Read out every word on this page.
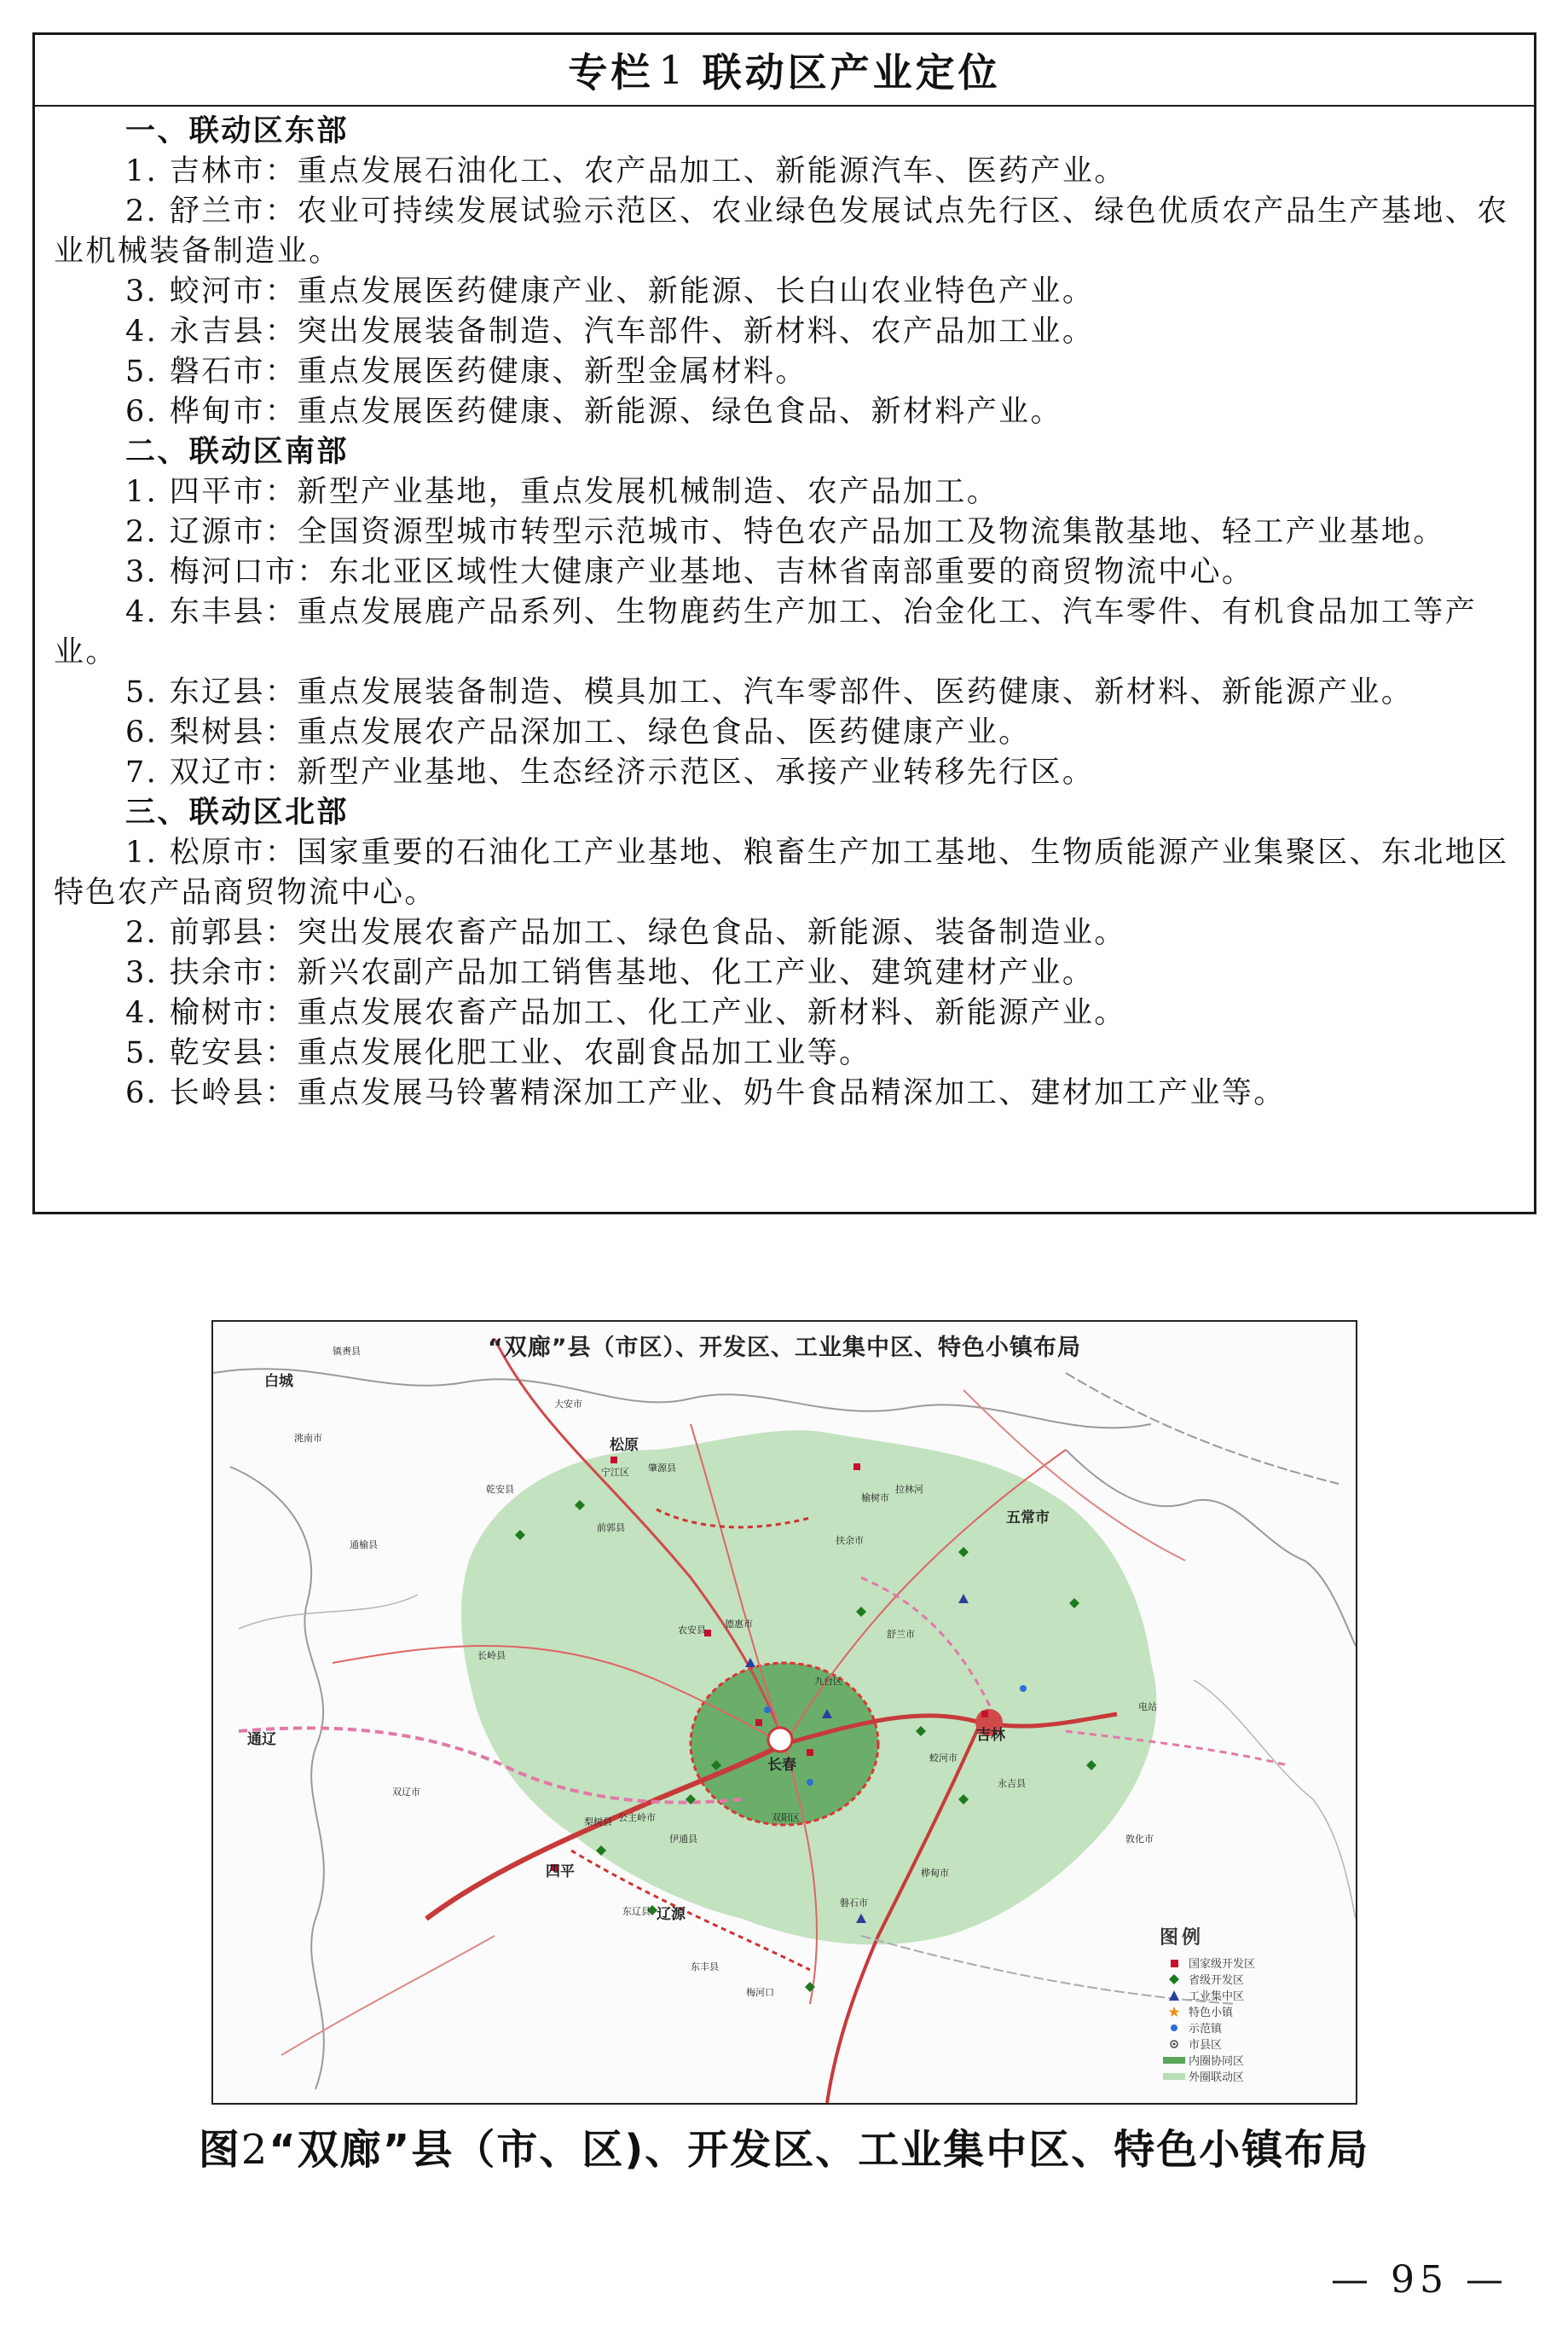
专栏 1 联动区产业定位

一、联动区东部

1. 吉林市：重点发展石油化工、农产品加工、新能源汽车、医药产业。

2. 舒兰市：农业可持续发展试验示范区、农业绿色发展试点先行区、绿色优质农产品生产基地、农业机械装备制造业。

3. 蛟河市：重点发展医药健康产业、新能源、长白山农业特色产业。

4. 永吉县：突出发展装备制造、汽车部件、新材料、农产品加工业。

5. 磐石市：重点发展医药健康、新型金属材料。

6. 桦甸市：重点发展医药健康、新能源、绿色食品、新材料产业。

二、联动区南部

1. 四平市：新型产业基地，重点发展机械制造、农产品加工。

2. 辽源市：全国资源型城市转型示范城市、特色农产品加工及物流集散基地、轻工产业基地。

3. 梅河口市：东北亚区域性大健康产业基地、吉林省南部重要的商贸物流中心。

4. 东丰县：重点发展鹿产品系列、生物鹿药生产加工、冶金化工、汽车零件、有机食品加工等产业。

5. 东辽县：重点发展装备制造、模具加工、汽车零部件、医药健康、新材料、新能源产业。

6. 梨树县：重点发展农产品深加工、绿色食品、医药健康产业。

7. 双辽市：新型产业基地、生态经济示范区、承接产业转移先行区。

三、联动区北部

1. 松原市：国家重要的石油化工产业基地、粮畜生产加工基地、生物质能源产业集聚区、东北地区特色农产品商贸物流中心。

2. 前郭县：突出发展农畜产品加工、绿色食品、新能源、装备制造业。

3. 扶余市：新兴农副产品加工销售基地、化工产业、建筑建材产业。

4. 榆树市：重点发展农畜产品加工、化工产业、新材料、新能源产业。

5. 乾安县：重点发展化肥工业、农副食品加工业等。

6. 长岭县：重点发展马铃薯精深加工产业、奶牛食品精深加工、建材加工产业等。

白城
镇赉县
洮南市
大安市
松原
宁江区
前郭县
乾安县
通榆县
长岭县
通辽
双辽市
四平
梨树县 公主岭市
伊通县
长春
农安县
德惠市
九台区
榆树市
扶余市
舒兰市
五常市
吉林
永吉县
蛟河市
双阳区
辽源
东辽县
东丰县
磐石市
桦甸市
梅河口
敦化市
电站
拉林河
肇源县
“双廊”县（市区）、开发区、工业集中区、特色小镇布局
图例
国家级开发区
省级开发区
工业集中区
特色小镇
示范镇
市县区
内圈协同区
外圈联动区
图2“双廊”县（市、区)、开发区、工业集中区、特色小镇布局
— 95 —
